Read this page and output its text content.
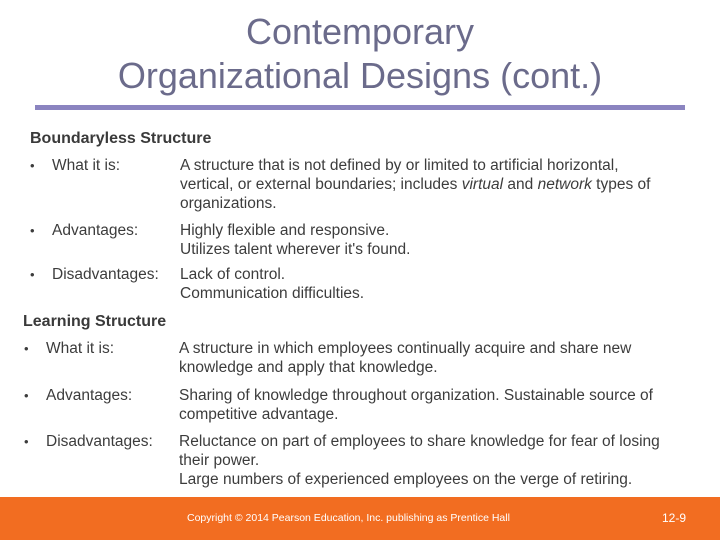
Contemporary
Organizational Designs (cont.)
Boundaryless Structure
•	What it is:	A structure that is not defined by or limited to artificial horizontal,
vertical, or external boundaries; includes virtual and network types of
organizations.
•	Advantages:	Highly flexible and responsive.
Utilizes talent wherever it's found.
•	Disadvantages: Lack of control.
Communication difficulties.
Learning Structure
•	What it is:	A structure in which employees continually acquire and share new
knowledge and apply that knowledge.
•	Advantages:	Sharing of knowledge throughout organization. Sustainable source of
competitive advantage.
•	Disadvantages: Reluctance on part of employees to share knowledge for fear of losing
their power.
Large numbers of experienced employees on the verge of retiring.
Copyright © 2014 Pearson Education, Inc. publishing as Prentice Hall	12-9
